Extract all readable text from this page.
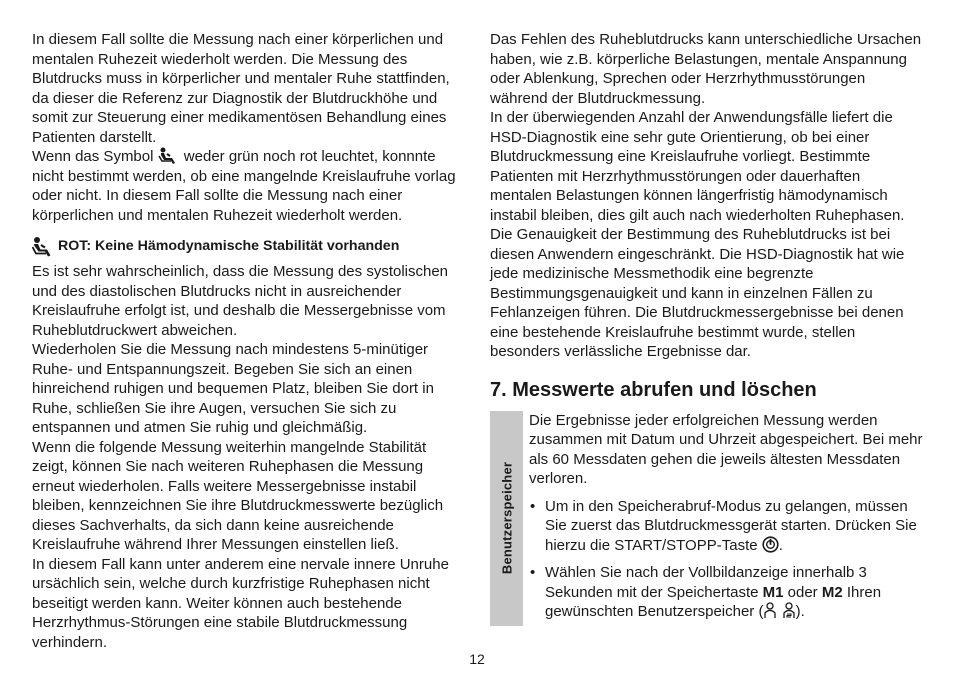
In diesem Fall sollte die Messung nach einer körperlichen und mentalen Ruhezeit wiederholt werden. Die Messung des Blutdrucks muss in körperlicher und mentaler Ruhe stattfinden, da dieser die Referenz zur Diagnostik der Blutdruckhöhe und somit zur Steuerung einer medikamentösen Behandlung eines Patienten darstellt.

Wenn das Symbol weder grün noch rot leuchtet, konnnte nicht bestimmt werden, ob eine mangelnde Kreislaufruhe vorlag oder nicht. In diesem Fall sollte die Messung nach einer körperlichen und mentalen Ruhezeit wiederholt werden.

ROT: Keine Hämodynamische Stabilität vorhanden

Es ist sehr wahrscheinlich, dass die Messung des systolischen und des diastolischen Blutdrucks nicht in ausreichender Kreislaufruhe erfolgt ist, und deshalb die Messergebnisse vom Ruheblutdruckwert abweichen.

Wiederholen Sie die Messung nach mindestens 5-minütiger Ruhe- und Entspannungszeit. Begeben Sie sich an einen hinreichend ruhigen und bequemen Platz, bleiben Sie dort in Ruhe, schließen Sie ihre Augen, versuchen Sie sich zu entspannen und atmen Sie ruhig und gleichmäßig.

Wenn die folgende Messung weiterhin mangelnde Stabilität zeigt, können Sie nach weiteren Ruhephasen die Messung erneut wiederholen. Falls weitere Messergebnisse instabil bleiben, kennzeichnen Sie ihre Blutdruckmesswerte bezüglich dieses Sachverhalts, da sich dann keine ausreichende Kreislaufruhe während Ihrer Messungen einstellen ließ.

In diesem Fall kann unter anderem eine nervale innere Unruhe ursächlich sein, welche durch kurzfristige Ruhephasen nicht beseitigt werden kann. Weiter können auch bestehende Herzrhythmus-Störungen eine stabile Blutdruckmessung verhindern.

Das Fehlen des Ruheblutdrucks kann unterschiedliche Ursachen haben, wie z.B. körperliche Belastungen, mentale Anspannung oder Ablenkung, Sprechen oder Herzrhythmusstörungen während der Blutdruckmessung.

In der überwiegenden Anzahl der Anwendungsfälle liefert die HSD-Diagnostik eine sehr gute Orientierung, ob bei einer Blutdruckmessung eine Kreislaufruhe vorliegt. Bestimmte Patienten mit Herzrhythmusstörungen oder dauerhaften mentalen Belastungen können längerfristig hämodynamisch instabil bleiben, dies gilt auch nach wiederholten Ruhephasen. Die Genauigkeit der Bestimmung des Ruheblutdrucks ist bei diesen Anwendern eingeschränkt. Die HSD-Diagnostik hat wie jede medizinische Messmethodik eine begrenzte Bestimmungsgenauigkeit und kann in einzelnen Fällen zu Fehlanzeigen führen. Die Blutdruckmessergebnisse bei denen eine bestehende Kreislaufruhe bestimmt wurde, stellen besonders verlässliche Ergebnisse dar.

7. Messwerte abrufen und löschen
Benutzerspeicher

Die Ergebnisse jeder erfolgreichen Messung werden zusammen mit Datum und Uhrzeit abgespeichert. Bei mehr als 60 Messdaten gehen die jeweils ältesten Messdaten verloren.

• Um in den Speicherabruf-Modus zu gelangen, müssen Sie zuerst das Blutdruckmessgerät starten. Drücken Sie hierzu die START/STOPP-Taste .
• Wählen Sie nach der Vollbildanzeige innerhalb 3 Sekunden mit der Speichertaste M1 oder M2 Ihren gewünschten Benutzerspeicher ( ).
12
